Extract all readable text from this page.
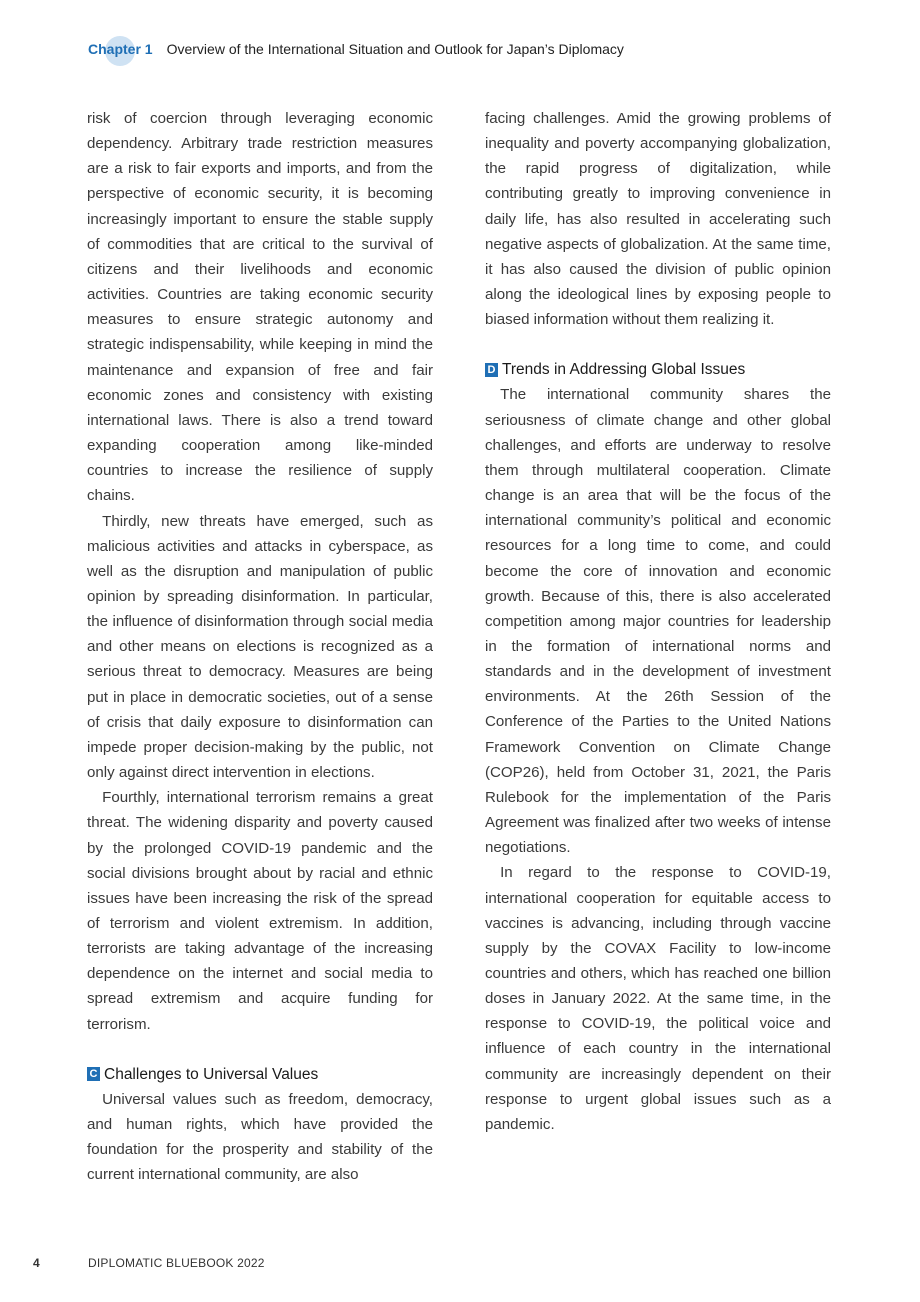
Chapter 1 Overview of the International Situation and Outlook for Japan’s Diplomacy

risk of coercion through leveraging economic dependency. Arbitrary trade restriction measures are a risk to fair exports and imports, and from the perspective of economic security, it is becoming increasingly important to ensure the stable supply of commodities that are critical to the survival of citizens and their livelihoods and economic activities. Countries are taking economic security measures to ensure strategic autonomy and strategic indispensability, while keeping in mind the maintenance and expansion of free and fair economic zones and consistency with existing international laws. There is also a trend toward expanding cooperation among like-minded countries to increase the resilience of supply chains.

Thirdly, new threats have emerged, such as malicious activities and attacks in cyberspace, as well as the disruption and manipulation of public opinion by spreading disinformation. In particular, the influence of disinformation through social media and other means on elections is recognized as a serious threat to democracy. Measures are being put in place in democratic societies, out of a sense of crisis that daily exposure to disinformation can impede proper decision-making by the public, not only against direct intervention in elections.

Fourthly, international terrorism remains a great threat. The widening disparity and poverty caused by the prolonged COVID-19 pandemic and the social divisions brought about by racial and ethnic issues have been increasing the risk of the spread of terrorism and violent extremism. In addition, terrorists are taking advantage of the increasing dependence on the internet and social media to spread extremism and acquire funding for terrorism.

C Challenges to Universal Values

Universal values such as freedom, democracy, and human rights, which have provided the foundation for the prosperity and stability of the current international community, are also

facing challenges. Amid the growing problems of inequality and poverty accompanying globalization, the rapid progress of digitalization, while contributing greatly to improving convenience in daily life, has also resulted in accelerating such negative aspects of globalization. At the same time, it has also caused the division of public opinion along the ideological lines by exposing people to biased information without them realizing it.

D Trends in Addressing Global Issues

The international community shares the seriousness of climate change and other global challenges, and efforts are underway to resolve them through multilateral cooperation. Climate change is an area that will be the focus of the international community’s political and economic resources for a long time to come, and could become the core of innovation and economic growth. Because of this, there is also accelerated competition among major countries for leadership in the formation of international norms and standards and in the development of investment environments. At the 26th Session of the Conference of the Parties to the United Nations Framework Convention on Climate Change (COP26), held from October 31, 2021, the Paris Rulebook for the implementation of the Paris Agreement was finalized after two weeks of intense negotiations.

In regard to the response to COVID-19, international cooperation for equitable access to vaccines is advancing, including through vaccine supply by the COVAX Facility to low-income countries and others, which has reached one billion doses in January 2022. At the same time, in the response to COVID-19, the political voice and influence of each country in the international community are increasingly dependent on their response to urgent global issues such as a pandemic.

4	DIPLOMATIC BLUEBOOK 2022
